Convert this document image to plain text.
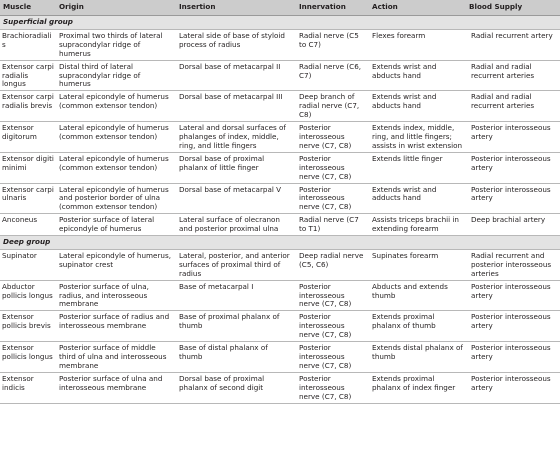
Muscle	Origin	Insertion	Innervation	Action	Blood Supply
Superficial group					
Brachioradialis	Proximal two thirds of lateral supracondylar ridge of humerus	Lateral side of base of styloid process of radius	Radial nerve (C5 to C7)	Flexes forearm	Radial recurrent artery
Extensor carpi radialis longus	Distal third of lateral supracondylar ridge of humerus	Dorsal base of metacarpal II	Radial nerve (C6, C7)	Extends wrist and abducts hand	Radial and radial recurrent arteries
Extensor carpi radialis brevis	Lateral epicondyle of humerus (common extensor tendon)	Dorsal base of metacarpal III	Deep branch of radial nerve (C7, C8)	Extends wrist and abducts hand	Radial and radial recurrent arteries
Extensor digitorum	Lateral epicondyle of humerus (common extensor tendon)	Lateral and dorsal surfaces of phalanges of index, middle, ring, and little fingers	Posterior interosseous nerve (C7, C8)	Extends index, middle, ring, and little fingers; assists in wrist extension	Posterior interosseous artery
Extensor digiti minimi	Lateral epicondyle of humerus (common extensor tendon)	Dorsal base of proximal phalanx of little finger	Posterior interosseous nerve (C7, C8)	Extends little finger	Posterior interosseous artery
Extensor carpi ulnaris	Lateral epicondyle of humerus and posterior border of ulna (common extensor tendon)	Dorsal base of metacarpal V	Posterior interosseous nerve (C7, C8)	Extends wrist and adducts hand	Posterior interosseous artery
Anconeus	Posterior surface of lateral epicondyle of humerus	Lateral surface of olecranon and posterior proximal ulna	Radial nerve (C7 to T1)	Assists triceps brachii in extending forearm	Deep brachial artery
Deep group					
Supinator	Lateral epicondyle of humerus, supinator crest	Lateral, posterior, and anterior surfaces of proximal third of radius	Deep radial nerve (C5, C6)	Supinates forearm	Radial recurrent and posterior interosseous arteries
Abductor pollicis longus	Posterior surface of ulna, radius, and interosseous membrane	Base of metacarpal I	Posterior interosseous nerve (C7, C8)	Abducts and extends thumb	Posterior interosseous artery
Extensor pollicis brevis	Posterior surface of radius and interosseous membrane	Base of proximal phalanx of thumb	Posterior interosseous nerve (C7, C8)	Extends proximal phalanx of thumb	Posterior interosseous artery
Extensor pollicis longus	Posterior surface of middle third of ulna and interosseous membrane	Base of distal phalanx of thumb	Posterior interosseous nerve (C7, C8)	Extends distal phalanx of thumb	Posterior interosseous artery
Extensor indicis	Posterior surface of ulna and interosseous membrane	Dorsal base of proximal phalanx of second digit	Posterior interosseous nerve (C7, C8)	Extends proximal phalanx of index finger	Posterior interosseous artery
